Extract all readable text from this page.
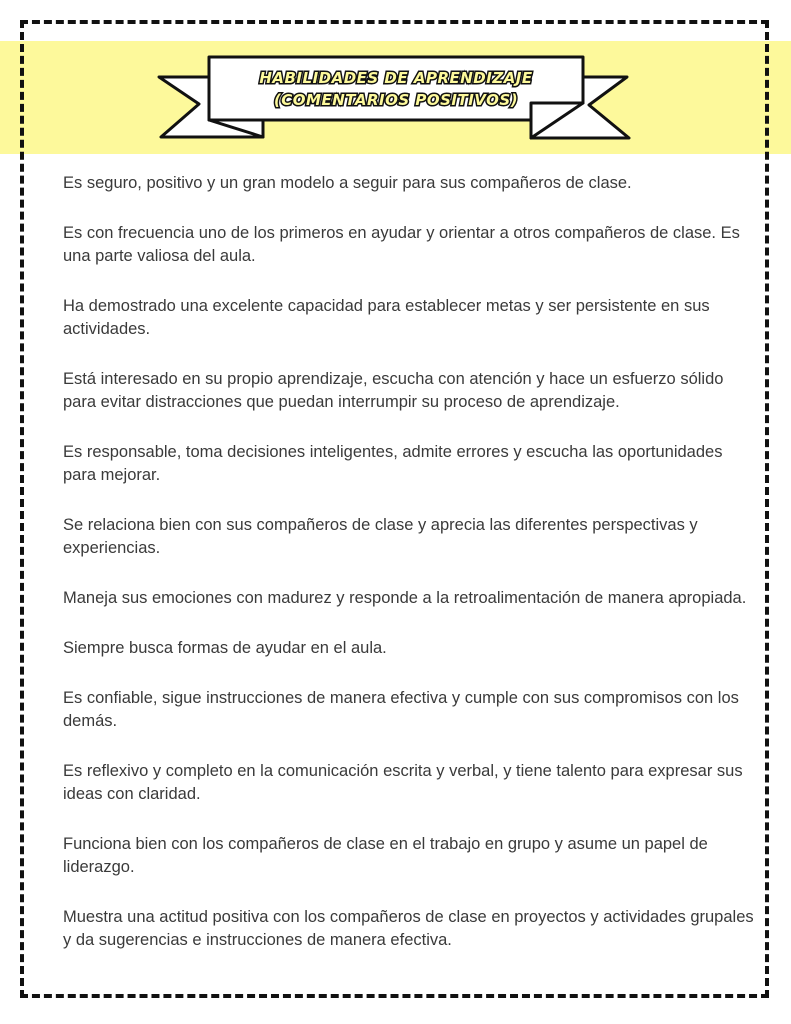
HABILIDADES DE APRENDIZAJE
(COMENTARIOS POSITIVOS)
Es seguro, positivo y un gran modelo a seguir para sus compañeros de clase.
Es con frecuencia uno de los primeros en ayudar y orientar a otros compañeros de clase. Es una parte valiosa del aula.
Ha demostrado una excelente capacidad para establecer metas y ser persistente en sus actividades.
Está interesado en su propio aprendizaje, escucha con atención y hace un esfuerzo sólido para evitar distracciones que puedan interrumpir su proceso de aprendizaje.
Es responsable, toma decisiones inteligentes, admite errores y escucha las oportunidades para mejorar.
Se relaciona bien con sus compañeros de clase y aprecia las diferentes perspectivas y experiencias.
Maneja sus emociones con madurez y responde a la retroalimentación de manera apropiada.
Siempre busca formas de ayudar en el aula.
Es confiable, sigue instrucciones de manera efectiva y cumple con sus compromisos con los demás.
Es reflexivo y completo en la comunicación escrita y verbal, y tiene talento para expresar sus ideas con claridad.
Funciona bien con los compañeros de clase en el trabajo en grupo y asume un papel de liderazgo.
Muestra una actitud positiva con los compañeros de clase en proyectos y actividades grupales y da sugerencias e instrucciones de manera efectiva.
